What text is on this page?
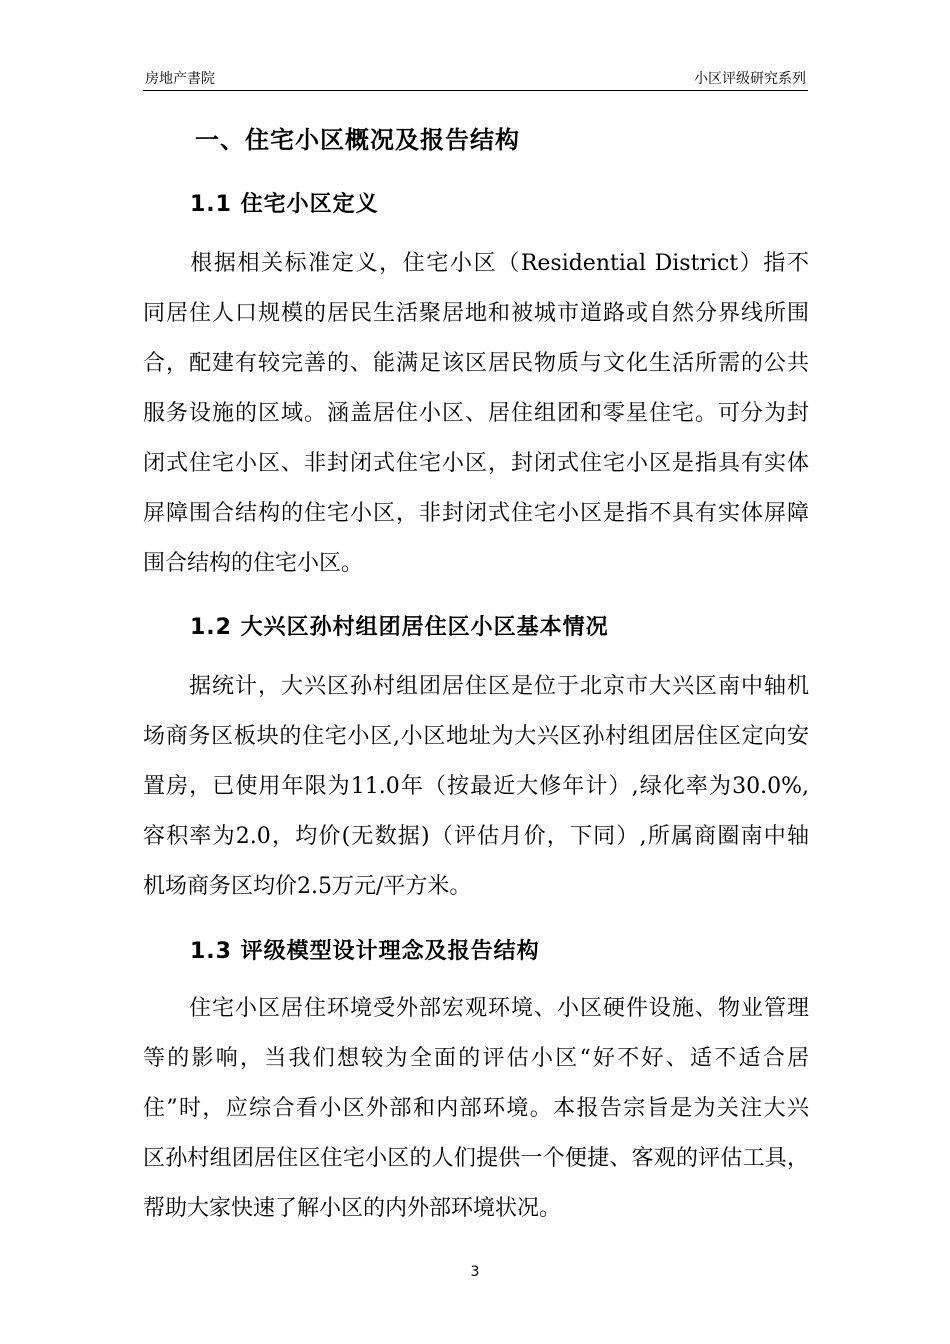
房地产書院	小区评级研究系列
一、住宅小区概况及报告结构
1.1 住宅小区定义
　　根据相关标准定义，住宅小区（Residential District）指不
同居住人口规模的居民生活聚居地和被城市道路或自然分界线所围
合，配建有较完善的、能满足该区居民物质与文化生活所需的公共
服务设施的区域。涵盖居住小区、居住组团和零星住宅。可分为封
闭式住宅小区、非封闭式住宅小区，封闭式住宅小区是指具有实体
屏障围合结构的住宅小区，非封闭式住宅小区是指不具有实体屏障
围合结构的住宅小区。
1.2 大兴区孙村组团居住区小区基本情况
　　据统计，大兴区孙村组团居住区是位于北京市大兴区南中轴机
场商务区板块的住宅小区,小区地址为大兴区孙村组团居住区定向安
置房，已使用年限为11.0年（按最近大修年计）,绿化率为30.0%,
容积率为2.0，均价(无数据)（评估月价，下同）,所属商圈南中轴
机场商务区均价2.5万元/平方米。
1.3 评级模型设计理念及报告结构
　　住宅小区居住环境受外部宏观环境、小区硬件设施、物业管理
等的影响，当我们想较为全面的评估小区“好不好、适不适合居
住”时，应综合看小区外部和内部环境。本报告宗旨是为关注大兴
区孙村组团居住区住宅小区的人们提供一个便捷、客观的评估工具，
帮助大家快速了解小区的内外部环境状况。
3
